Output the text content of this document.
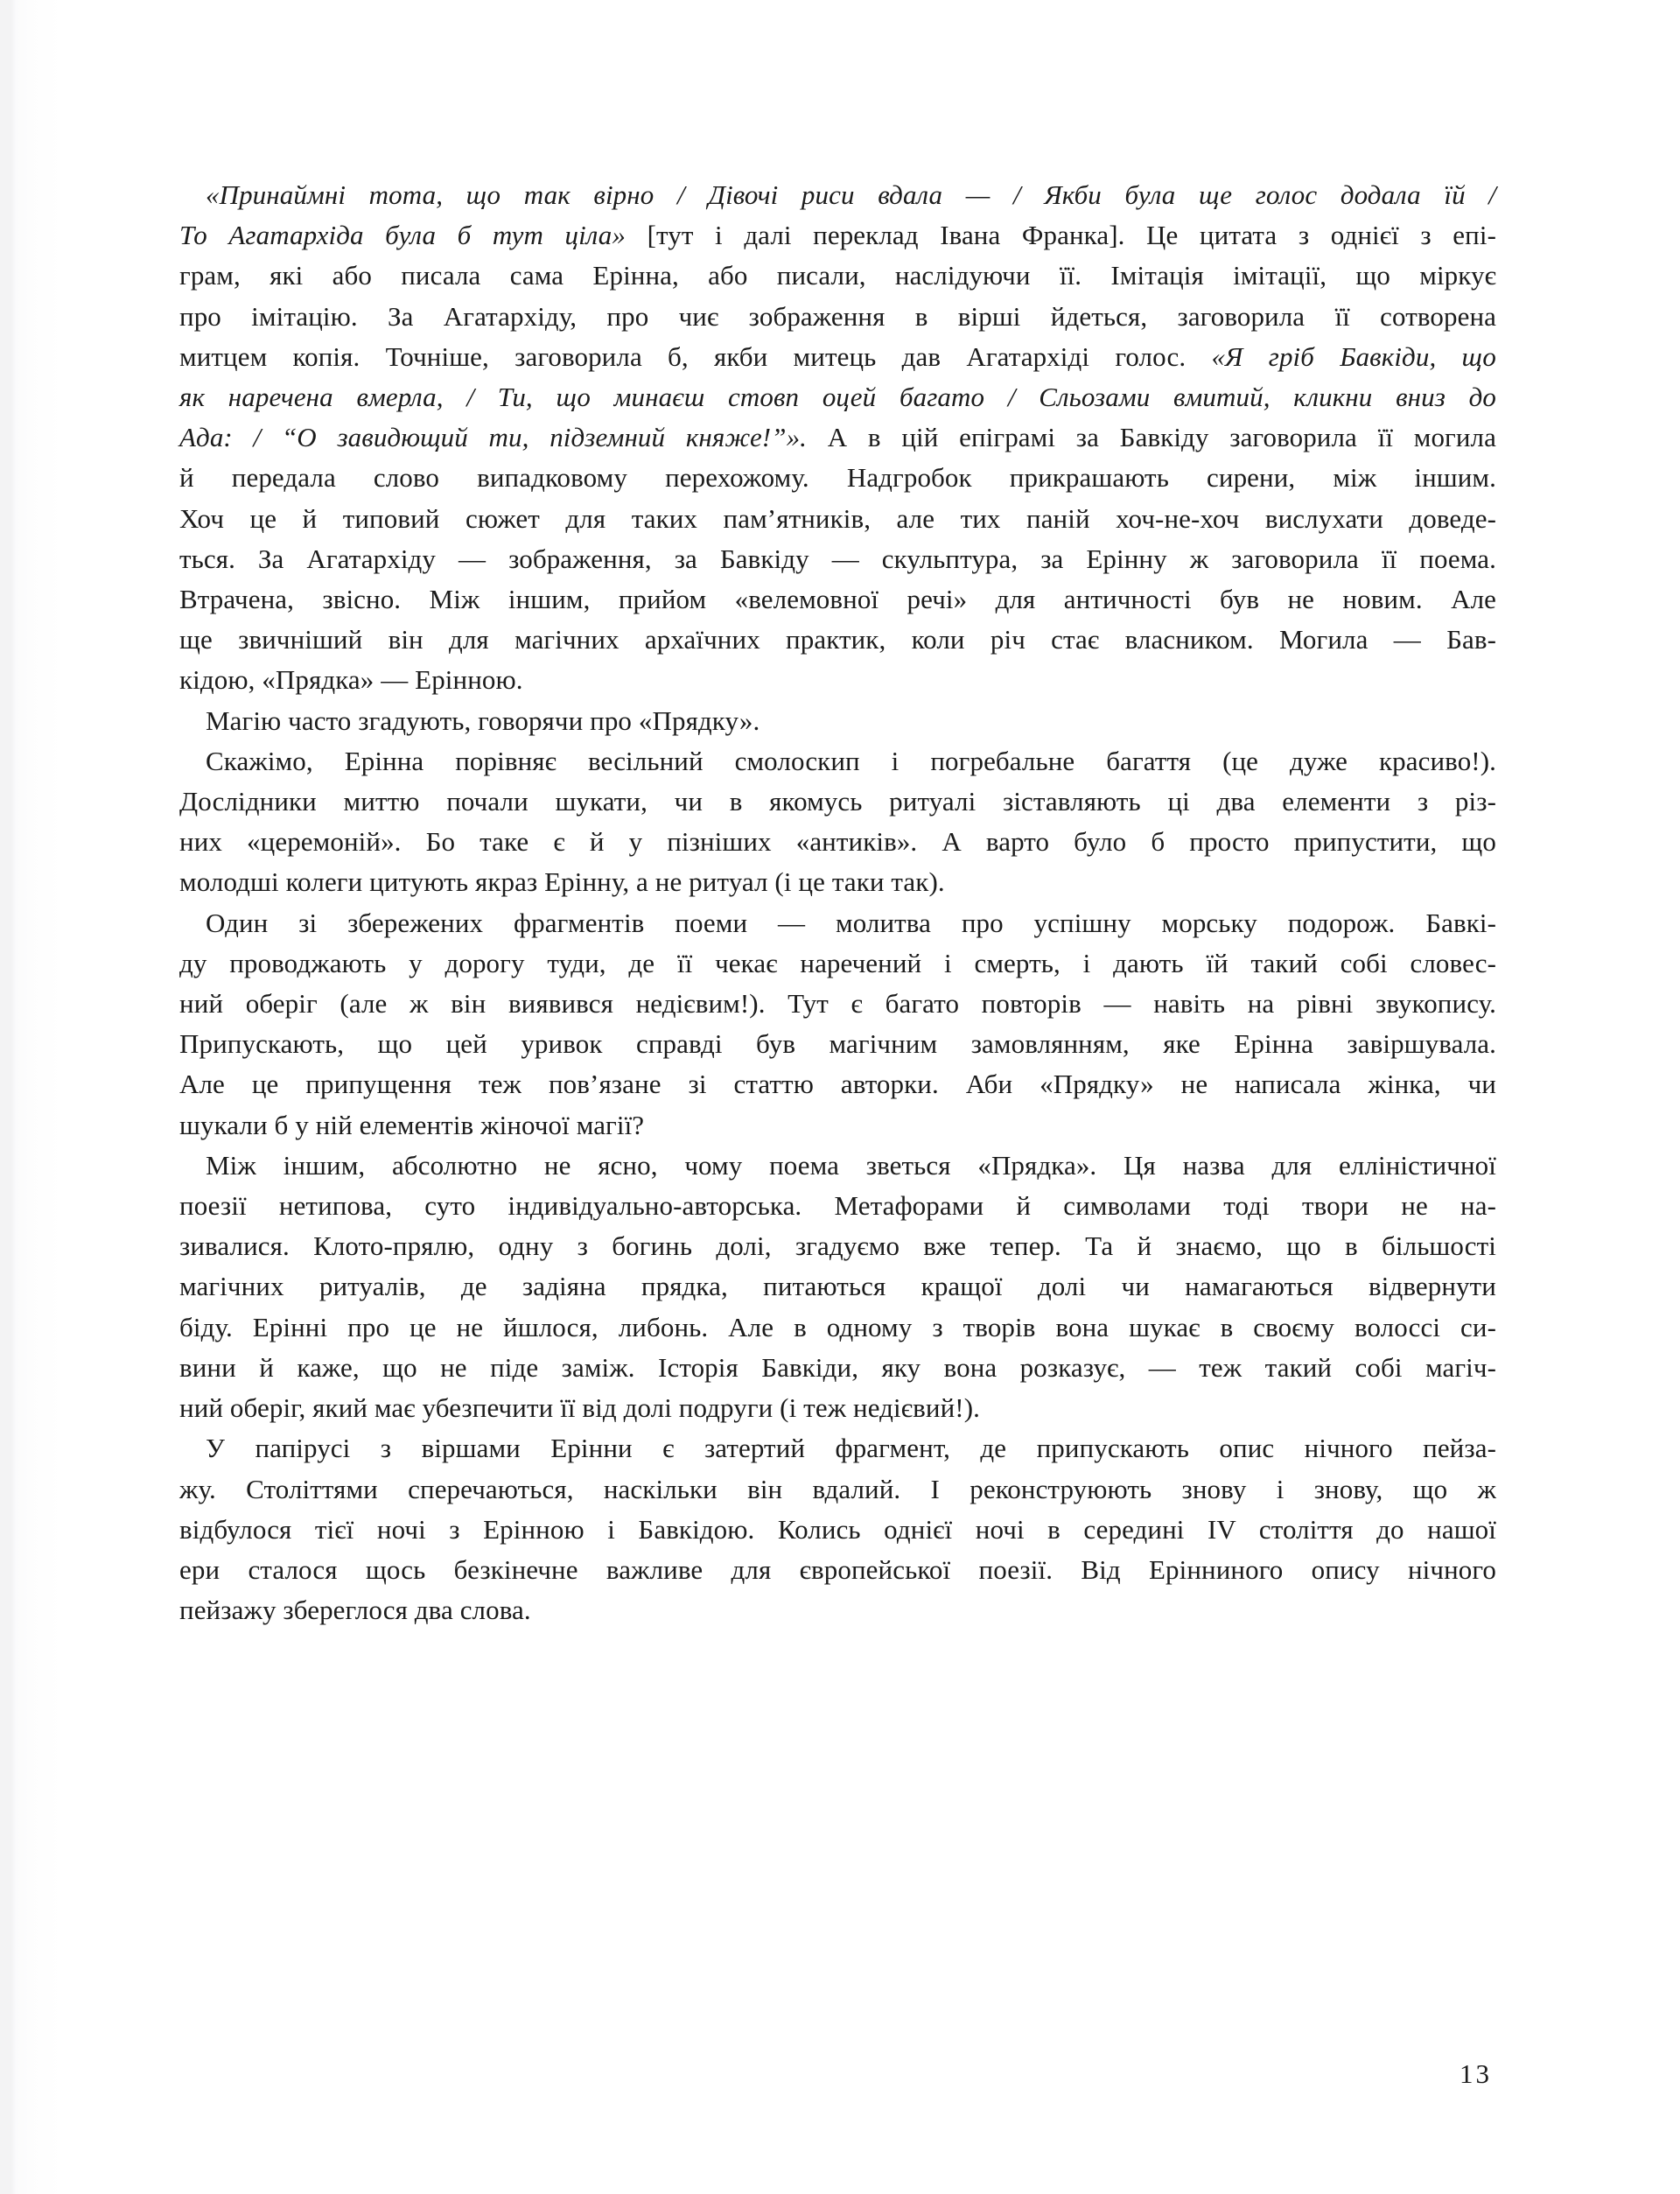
«Принаймні тота, що так вірно / Дівочі риси вдала — / Якби була ще голос додала їй /
То Агатархіда була б тут ціла» [тут і далі переклад Івана Франка]. Це цитата з однієї з епі-
грам, які або писала сама Ерінна, або писали, наслідуючи її. Імітація імітації, що міркує
про імітацію. За Агатархіду, про чиє зображення в вірші йдеться, заговорила її сотворена
митцем копія. Точніше, заговорила б, якби митець дав Агатархіді голос. «Я гріб Бавкіди, що
як наречена вмерла, / Ти, що минаєш стовп оцей багато / Сльозами вмитий, кликни вниз до
Ада: / “О завидющий ти, підземний княже!”». А в цій епіграмі за Бавкіду заговорила її могила
й передала слово випадковому перехожому. Надгробок прикрашають сирени, між іншим.
Хоч це й типовий сюжет для таких пам’ятників, але тих паній хоч-не-хоч вислухати доведе-
ться. За Агатархіду — зображення, за Бавкіду — скульптура, за Ерінну ж заговорила її поема.
Втрачена, звісно. Між іншим, прийом «велемовної речі» для античності був не новим. Але
ще звичніший він для магічних архаїчних практик, коли річ стає власником. Могила — Бав-
кідою, «Прядка» — Ерінною.
Магію часто згадують, говорячи про «Прядку».
Скажімо, Ерінна порівняє весільний смолоскип і погребальне багаття (це дуже красиво!).
Дослідники миттю почали шукати, чи в якомусь ритуалі зіставляють ці два елементи з різ-
них «церемоній». Бо таке є й у пізніших «антиків». А варто було б просто припустити, що
молодші колеги цитують якраз Ерінну, а не ритуал (і це таки так).
Один зі збережених фрагментів поеми — молитва про успішну морську подорож. Бавкі-
ду проводжають у дорогу туди, де її чекає наречений і смерть, і дають їй такий собі словес-
ний оберіг (але ж він виявився недієвим!). Тут є багато повторів — навіть на рівні звукопису.
Припускають, що цей уривок справді був магічним замовлянням, яке Ерінна завіршувала.
Але це припущення теж пов’язане зі статтю авторки. Аби «Прядку» не написала жінка, чи
шукали б у ній елементів жіночої магії?
Між іншим, абсолютно не ясно, чому поема зветься «Прядка». Ця назва для елліністичної
поезії нетипова, суто індивідуально-авторська. Метафорами й символами тоді твори не на-
зивалися. Клото-прялю, одну з богинь долі, згадуємо вже тепер. Та й знаємо, що в більшості
магічних ритуалів, де задіяна прядка, питаються кращої долі чи намагаються відвернути
біду. Ерінні про це не йшлося, либонь. Але в одному з творів вона шукає в своєму волоссі си-
вини й каже, що не піде заміж. Історія Бавкіди, яку вона розказує, — теж такий собі магіч-
ний оберіг, який має убезпечити її від долі подруги (і теж недієвий!).
У папірусі з віршами Ерінни є затертий фрагмент, де припускають опис нічного пейза-
жу. Століттями сперечаються, наскільки він вдалий. І реконструюють знову і знову, що ж
відбулося тієї ночі з Ерінною і Бавкідою. Колись однієї ночі в середині IV століття до нашої
ери сталося щось безкінечне важливе для європейської поезії. Від Ерінниного опису нічного
пейзажу збереглося два слова.
13
